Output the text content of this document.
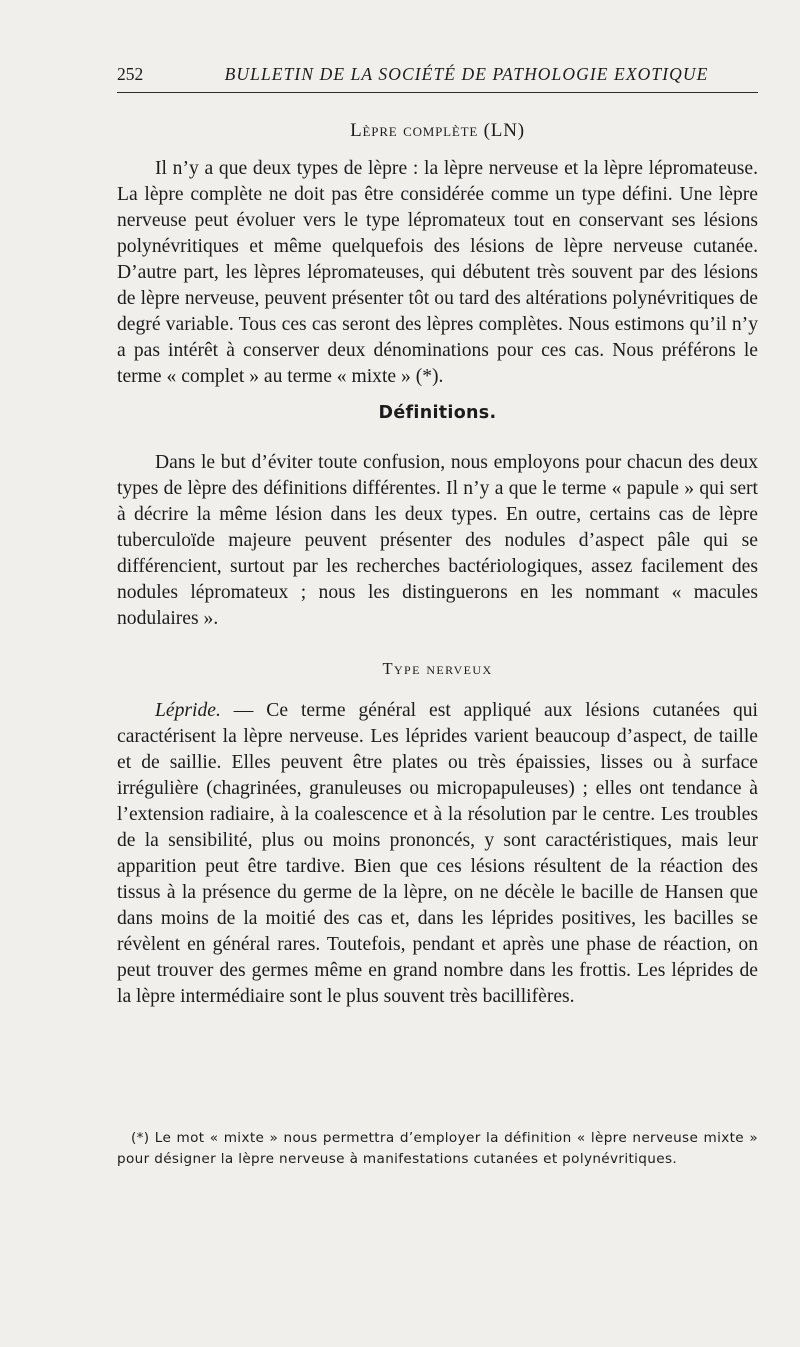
252	BULLETIN DE LA SOCIÉTÉ DE PATHOLOGIE EXOTIQUE
Lèpre complète (LN)

Il n’y a que deux types de lèpre : la lèpre nerveuse et la lèpre lépromateuse. La lèpre complète ne doit pas être considérée comme un type défini. Une lèpre nerveuse peut évoluer vers le type lépromateux tout en conservant ses lésions polynévritiques et même quelquefois des lésions de lèpre nerveuse cutanée. D’autre part, les lèpres lépromateuses, qui débutent très souvent par des lésions de lèpre nerveuse, peuvent présenter tôt ou tard des altérations polynévritiques de degré variable. Tous ces cas seront des lèpres complètes. Nous estimons qu’il n’y a pas intérêt à conserver deux dénominations pour ces cas. Nous préférons le terme « complet » au terme « mixte » (*).

Définitions.

Dans le but d’éviter toute confusion, nous employons pour chacun des deux types de lèpre des définitions différentes. Il n’y a que le terme « papule » qui sert à décrire la même lésion dans les deux types. En outre, certains cas de lèpre tuberculoïde majeure peuvent présenter des nodules d’aspect pâle qui se différencient, surtout par les recherches bactériologiques, assez facilement des nodules lépromateux ; nous les distinguerons en les nommant « macules nodulaires ».

Type nerveux

Lépride. — Ce terme général est appliqué aux lésions cutanées qui caractérisent la lèpre nerveuse. Les léprides varient beaucoup d’aspect, de taille et de saillie. Elles peuvent être plates ou très épaissies, lisses ou à surface irrégulière (chagrinées, granuleuses ou micropapuleuses) ; elles ont tendance à l’extension radiaire, à la coalescence et à la résolution par le centre. Les troubles de la sensibilité, plus ou moins prononcés, y sont caractéristiques, mais leur apparition peut être tardive. Bien que ces lésions résultent de la réaction des tissus à la présence du germe de la lèpre, on ne décèle le bacille de Hansen que dans moins de la moitié des cas et, dans les léprides positives, les bacilles se révèlent en général rares. Toutefois, pendant et après une phase de réaction, on peut trouver des germes même en grand nombre dans les frottis. Les léprides de la lèpre intermédiaire sont le plus souvent très bacillifères.

(*) Le mot « mixte » nous permettra d’employer la définition « lèpre nerveuse mixte » pour désigner la lèpre nerveuse à manifestations cutanées et polynévritiques.
